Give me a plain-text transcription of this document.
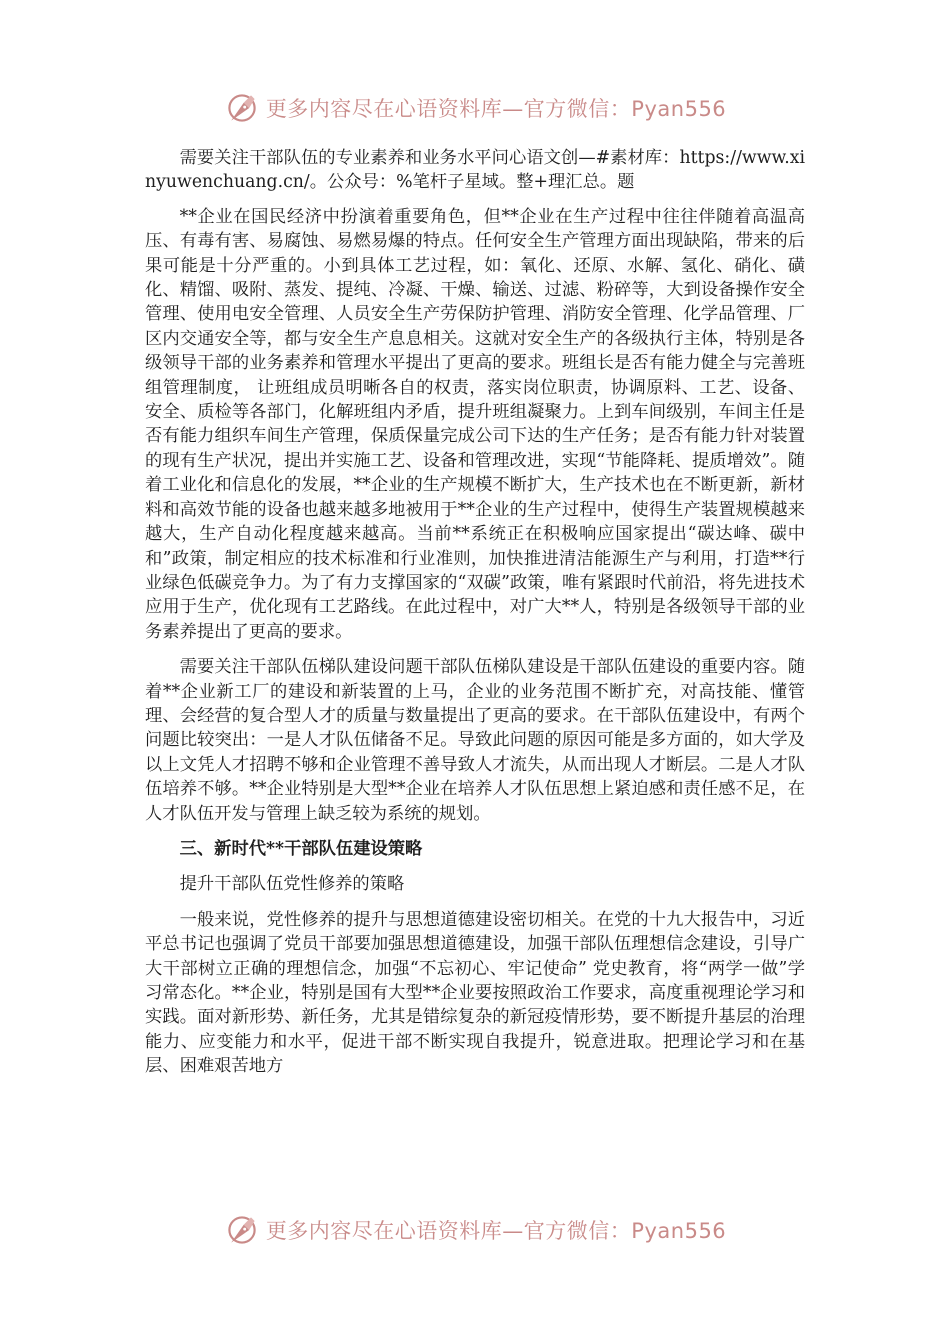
更多内容尽在心语资料库—官方微信：Pyan556

需要关注干部队伍的专业素养和业务水平问心语文创—#素材库：https://www.xinyuwenchuang.cn/。公众号：%笔杆子星域。整+理汇总。题

**企业在国民经济中扮演着重要角色，但**企业在生产过程中往往伴随着高温高压、有毒有害、易腐蚀、易燃易爆的特点。任何安全生产管理方面出现缺陷，带来的后果可能是十分严重的。小到具体工艺过程，如：氧化、还原、水解、氢化、硝化、磺化、精馏、吸附、蒸发、提纯、冷凝、干燥、输送、过滤、粉碎等，大到设备操作安全管理、使用电安全管理、人员安全生产劳保防护管理、消防安全管理、化学品管理、厂区内交通安全等，都与安全生产息息相关。这就对安全生产的各级执行主体，特别是各级领导干部的业务素养和管理水平提出了更高的要求。班组长是否有能力健全与完善班组管理制度， 让班组成员明晰各自的权责，落实岗位职责，协调原料、工艺、设备、安全、质检等各部门，化解班组内矛盾，提升班组凝聚力。上到车间级别，车间主任是否有能力组织车间生产管理，保质保量完成公司下达的生产任务；是否有能力针对装置的现有生产状况，提出并实施工艺、设备和管理改进，实现“节能降耗、提质增效”。随着工业化和信息化的发展，**企业的生产规模不断扩大，生产技术也在不断更新，新材料和高效节能的设备也越来越多地被用于**企业的生产过程中，使得生产装置规模越来越大，生产自动化程度越来越高。当前**系统正在积极响应国家提出“碳达峰、碳中和”政策，制定相应的技术标准和行业准则，加快推进清洁能源生产与利用，打造**行业绿色低碳竞争力。为了有力支撑国家的“双碳”政策，唯有紧跟时代前沿，将先进技术应用于生产，优化现有工艺路线。在此过程中，对广大**人，特别是各级领导干部的业务素养提出了更高的要求。

需要关注干部队伍梯队建设问题干部队伍梯队建设是干部队伍建设的重要内容。随着**企业新工厂的建设和新装置的上马，企业的业务范围不断扩充，对高技能、懂管理、会经营的复合型人才的质量与数量提出了更高的要求。在干部队伍建设中，有两个问题比较突出：一是人才队伍储备不足。导致此问题的原因可能是多方面的，如大学及以上文凭人才招聘不够和企业管理不善导致人才流失，从而出现人才断层。二是人才队伍培养不够。**企业特别是大型**企业在培养人才队伍思想上紧迫感和责任感不足，在人才队伍开发与管理上缺乏较为系统的规划。

三、新时代**干部队伍建设策略

提升干部队伍党性修养的策略

一般来说，党性修养的提升与思想道德建设密切相关。在党的十九大报告中，习近平总书记也强调了党员干部要加强思想道德建设，加强干部队伍理想信念建设，引导广大干部树立正确的理想信念，加强“不忘初心、牢记使命” 党史教育，将“两学一做”学习常态化。**企业，特别是国有大型**企业要按照政治工作要求，高度重视理论学习和实践。面对新形势、新任务，尤其是错综复杂的新冠疫情形势，要不断提升基层的治理能力、应变能力和水平，促进干部不断实现自我提升，锐意进取。把理论学习和在基层、困难艰苦地方

更多内容尽在心语资料库—官方微信：Pyan556
